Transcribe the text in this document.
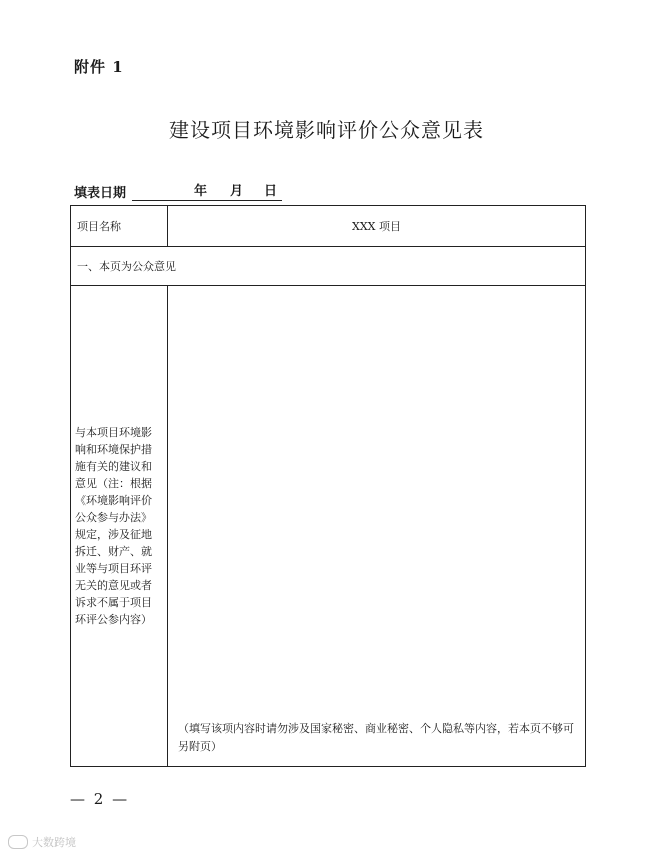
附件 1
建设项目环境影响评价公众意见表
填表日期	年 月 日
项目名称	XXX 项目
一、本页为公众意见
与本项目环境影响和环境保护措施有关的建议和意见（注：根据《环境影响评价公众参与办法》规定，涉及征地拆迁、财产、就业等与项目环评无关的意见或者诉求不属于项目环评公参内容）
（填写该项内容时请勿涉及国家秘密、商业秘密、个人隐私等内容，若本页不够可另附页）
— 2 —
大数跨境
